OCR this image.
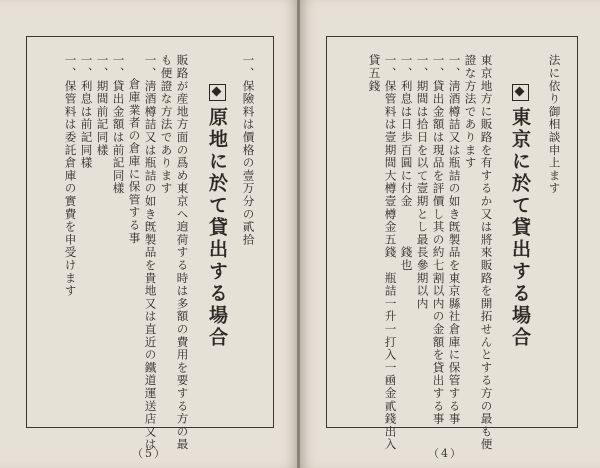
一、保險料は價格の壹万分の貳拾
原地に於て貸出する場合
販路が産地方面の爲め東京へ逈荷する時は多額の費用を要する方の最
も便證な方法であります
一、淸酒樽詰又は瓶詰の如き旣製品を貴地又は直近の鐵道運送店又は
倉庫業者の倉庫に保管する事
一、貸出金額は前記同樣
一、期間前記同樣
一、利息は前記同樣
一、保管料は委託倉庫の實費を申受けます
（5）
法に依り御相談申上ます
東京に於て貸出する場合
東京地方に販路を有するか又は將來販路を開拓せんとする方の最も便
證な方法であります
一、淸酒樽詰又は瓶詰の如き旣製品を東京縣社倉庫に保管する事
一、貸出金額は現品を評價し其の約七割以内の金額を貸出する事
一、期間は拾日を以て壹期とし最長參期以内
一、利息は日歩百圓に付金　　　錢也
一、保管料は壹期間大樽壹樽金五錢　瓶詰一升一打入一凾金貳錢出入
貸五錢
（4）
